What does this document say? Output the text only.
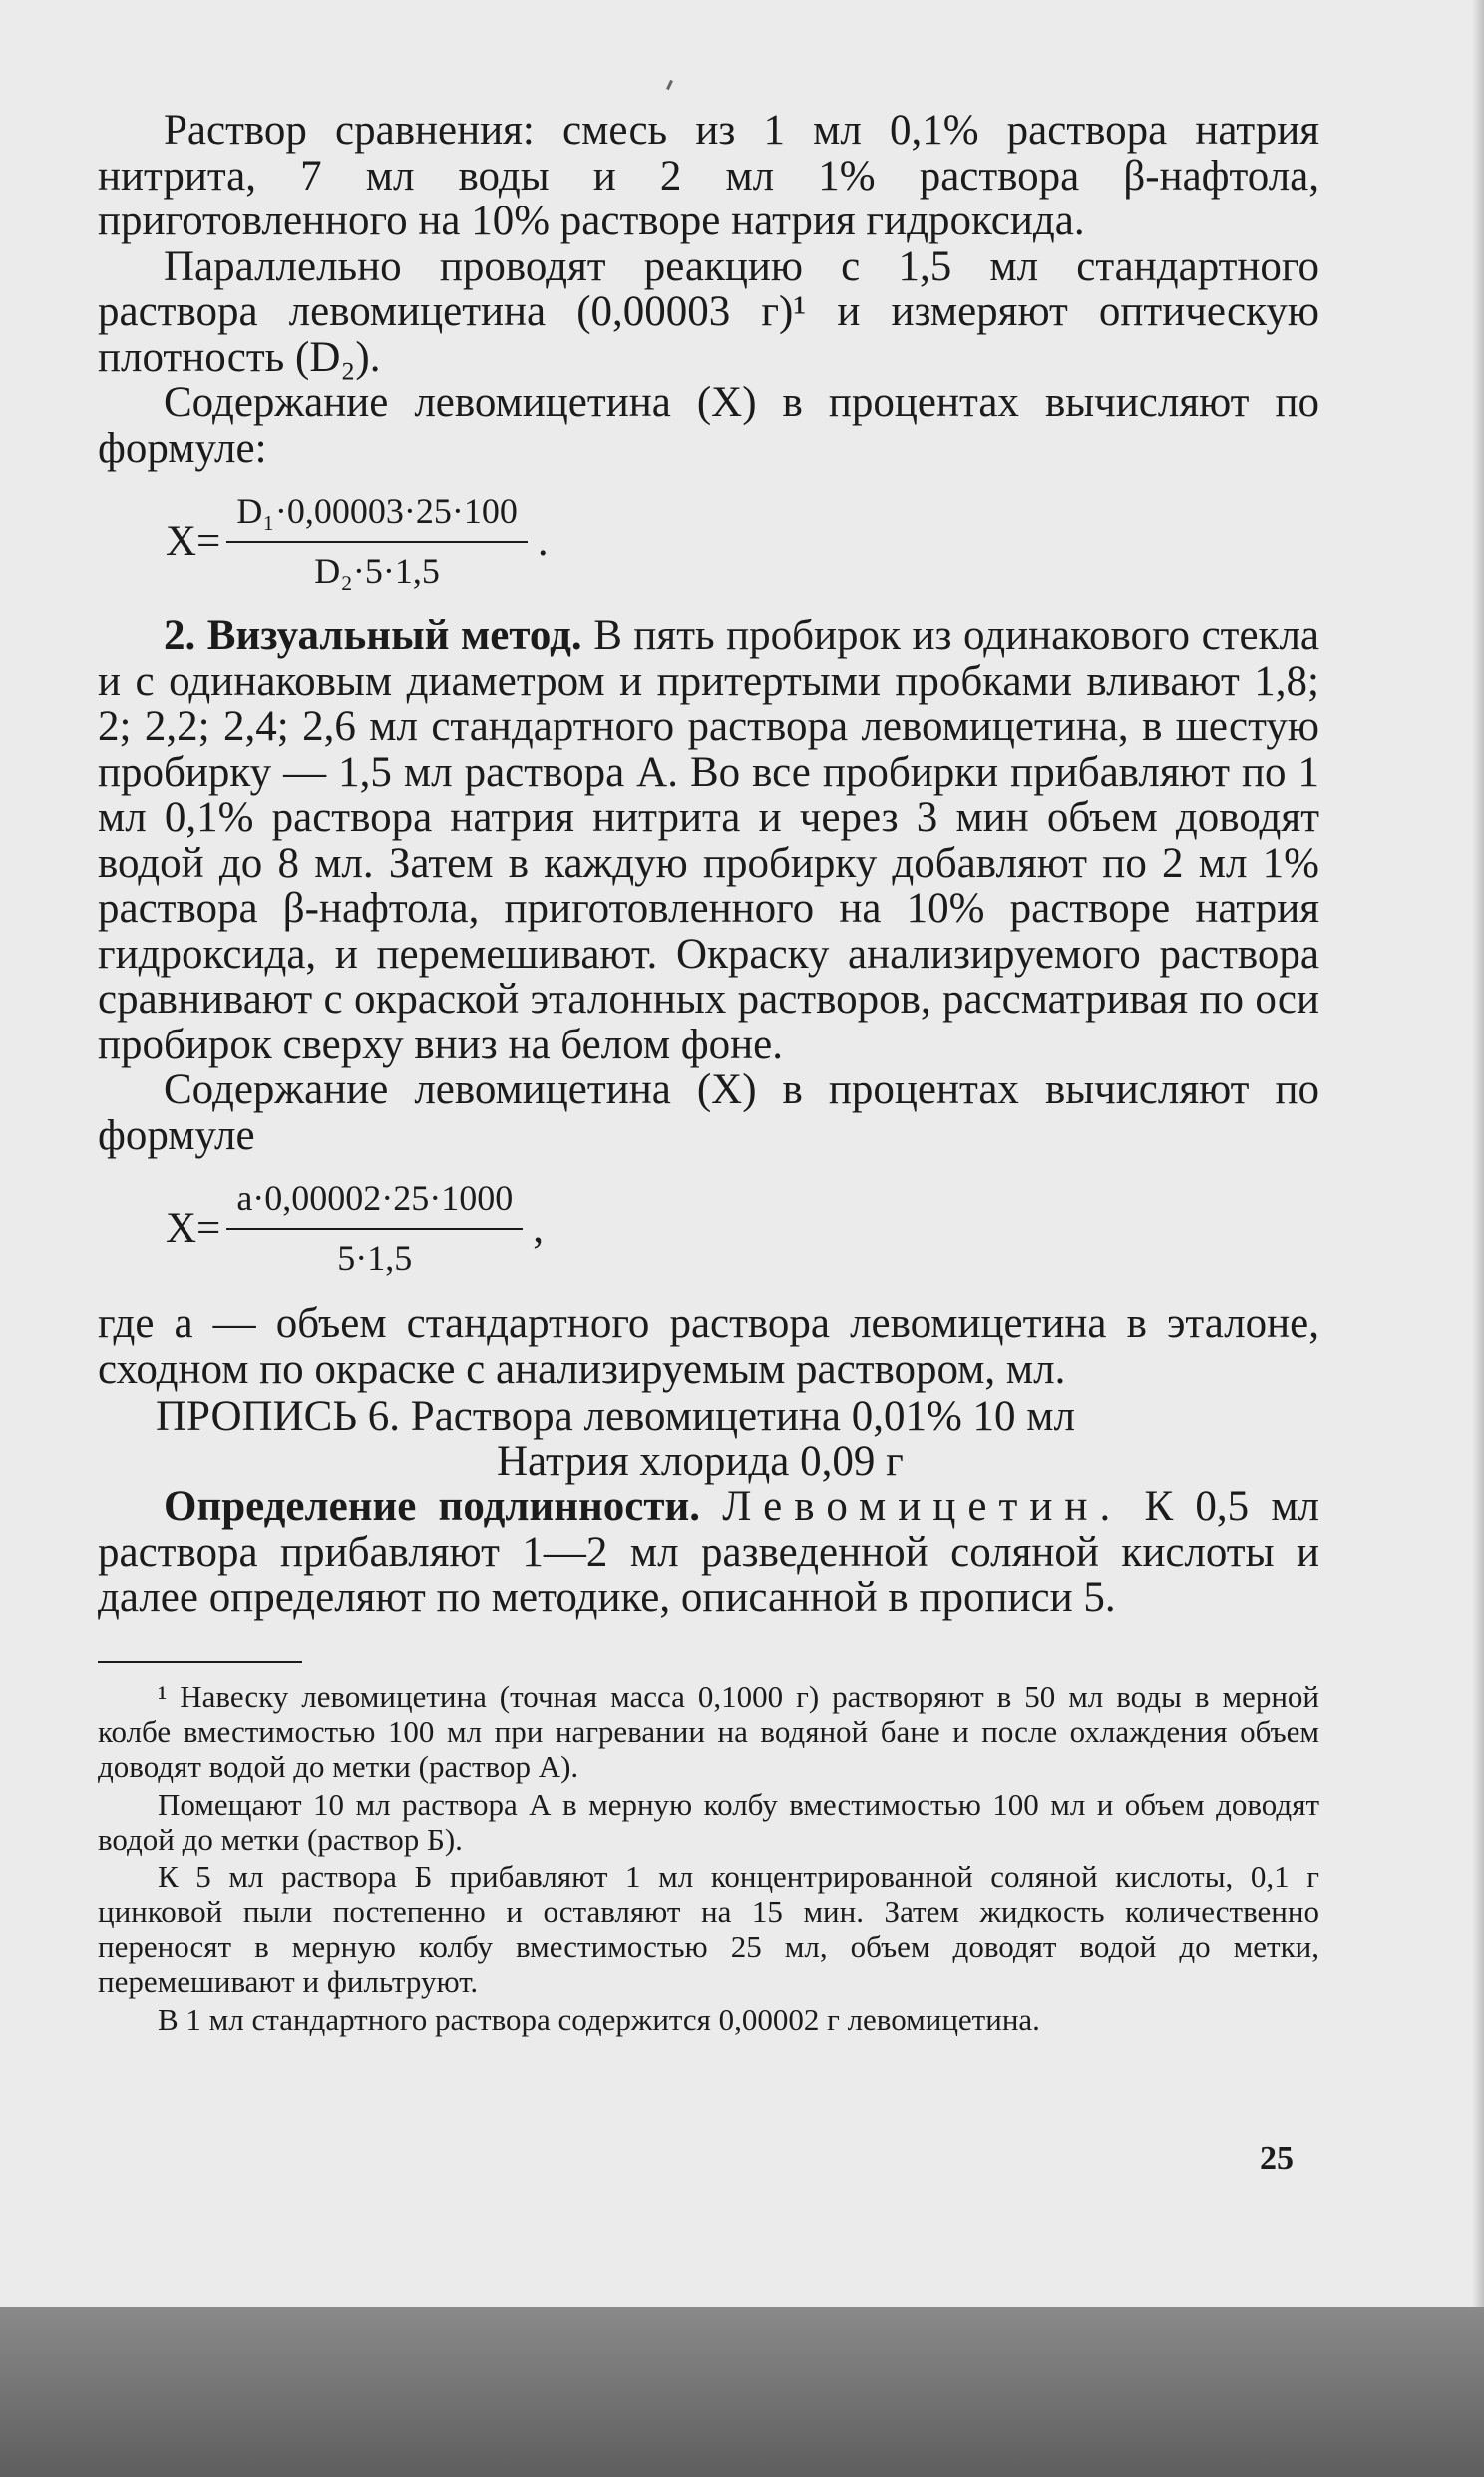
Раствор сравнения: смесь из 1 мл 0,1% раствора натрия нитрита, 7 мл воды и 2 мл 1% раствора β-нафтола, приготовленного на 10% растворе натрия гидроксида.

Параллельно проводят реакцию с 1,5 мл стандартного раствора левомицетина (0,00003 г)¹ и измеряют оптическую плотность (D₂).

Содержание левомицетина (X) в процентах вычисляют по формуле:

$X= \frac{\text{D₁·0,00003·25·100}}{\text{D₂·5·1,5}}$ .

2. Визуальный метод. В пять пробирок из одинакового стекла и с одинаковым диаметром и притертыми пробками вливают 1,8; 2; 2,2; 2,4; 2,6 мл стандартного раствора левомицетина, в шестую пробирку — 1,5 мл раствора А. Во все пробирки прибавляют по 1 мл 0,1% раствора натрия нитрита и через 3 мин объем доводят водой до 8 мл. Затем в каждую пробирку добавляют по 2 мл 1% раствора β-нафтола, приготовленного на 10% растворе натрия гидроксида, и перемешивают. Окраску анализируемого раствора сравнивают с окраской эталонных растворов, рассматривая по оси пробирок сверху вниз на белом фоне.

Содержание левомицетина (X) в процентах вычисляют по формуле

$X= \frac{a\cdot 0,00002\cdot 25\cdot 1000}{5\cdot 1,5}$ ,

где a — объем стандартного раствора левомицетина в эталоне, сходном по окраске с анализируемым раствором, мл.

ПРОПИСЬ 6. Раствора левомицетина 0,01% 10 мл

Натрия хлорида 0,09 г

Определение подлинности. Левомицетин. К 0,5 мл раствора прибавляют 1—2 мл разведенной соляной кислоты и далее определяют по методике, описанной в прописи 5.

¹ Навеску левомицетина (точная масса 0,1000 г) растворяют в 50 мл воды в мерной колбе вместимостью 100 мл при нагревании на водяной бане и после охлаждения объем доводят водой до метки (раствор А).

Помещают 10 мл раствора А в мерную колбу вместимостью 100 мл и объем доводят водой до метки (раствор Б).

К 5 мл раствора Б прибавляют 1 мл концентрированной соляной кислоты, 0,1 г цинковой пыли постепенно и оставляют на 15 мин. Затем жидкость количественно переносят в мерную колбу вместимостью 25 мл, объем доводят водой до метки, перемешивают и фильтруют.

В 1 мл стандартного раствора содержится 0,00002 г левомицетина.

25
